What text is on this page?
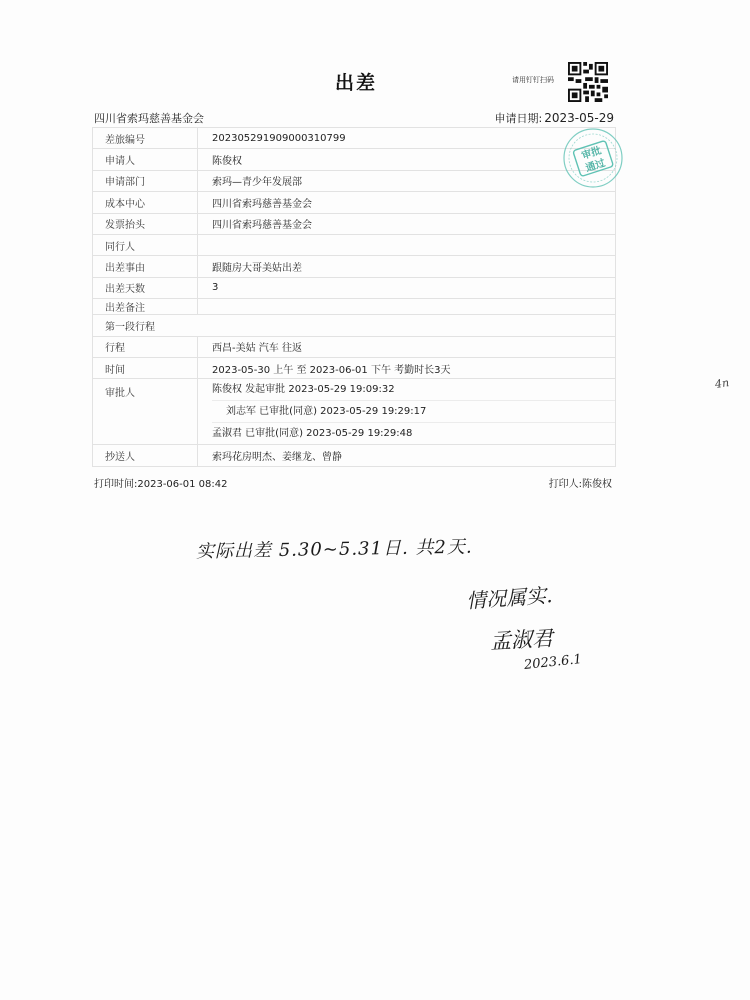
出差	请用钉钉扫码
四川省索玛慈善基金会	申请日期: 2023-05-29
差旅编号	202305291909000310799
申请人	陈俊权
申请部门	索玛—青少年发展部
成本中心	四川省索玛慈善基金会
发票抬头	四川省索玛慈善基金会
同行人	
出差事由	跟随房大哥美姑出差
出差天数	3
出差备注	
第一段行程	
行程	西昌-美姑 汽车 往返
时间	2023-05-30 上午 至 2023-06-01 下午 考勤时长3天
审批人	陈俊权 发起审批 2023-05-29 19:09:32
刘志军 已审批(同意) 2023-05-29 19:29:17
孟淑君 已审批(同意) 2023-05-29 19:29:48

抄送人	索玛花房明杰、姜继龙、曾静
审批
通过
打印时间:2023-06-01 08:42	打印人:陈俊权
实际出差 5.30~5.31日. 共2天.
情况属实.
孟淑君
2023.6.1
4n
